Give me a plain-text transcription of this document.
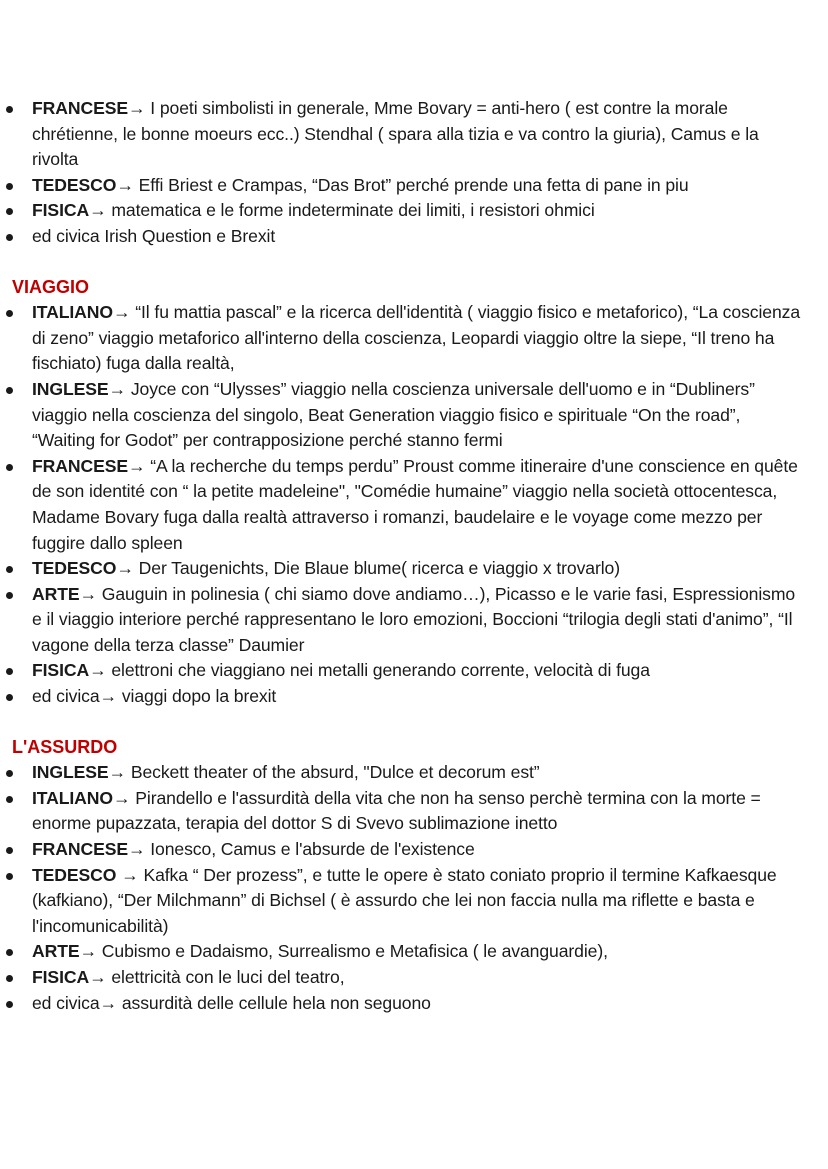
FRANCESE→ I poeti simbolisti in generale, Mme Bovary = anti-hero ( est contre la morale chrétienne, le bonne moeurs ecc..) Stendhal ( spara alla tizia e va contro la giuria), Camus e la rivolta
TEDESCO→ Effi Briest e Crampas, “Das Brot” perché prende una fetta di pane in piu
FISICA→ matematica e le forme indeterminate dei limiti, i resistori ohmici
ed civica Irish Question e Brexit
VIAGGIO
ITALIANO→ “Il fu mattia pascal” e la ricerca dell'identità ( viaggio fisico e metaforico), “La coscienza di zeno” viaggio metaforico all'interno della coscienza, Leopardi viaggio oltre la siepe, “Il treno ha fischiato) fuga dalla realtà,
INGLESE→ Joyce con “Ulysses” viaggio nella coscienza universale dell'uomo e in “Dubliners” viaggio nella coscienza del singolo, Beat Generation viaggio fisico e spirituale “On the road”, “Waiting for Godot” per contrapposizione perché stanno fermi
FRANCESE→ “A la recherche du temps perdu” Proust comme itineraire d'une conscience en quête de son identité con “ la petite madeleine", "Comédie humaine” viaggio nella società ottocentesca, Madame Bovary fuga dalla realtà attraverso i romanzi, baudelaire e le voyage come mezzo per fuggire dallo spleen
TEDESCO→ Der Taugenichts, Die Blaue blume( ricerca e viaggio x trovarlo)
ARTE→ Gauguin in polinesia ( chi siamo dove andiamo…), Picasso e le varie fasi, Espressionismo e il viaggio interiore perché rappresentano le loro emozioni, Boccioni “trilogia degli stati d'animo”, “Il vagone della terza classe” Daumier
FISICA→ elettroni che viaggiano nei metalli generando corrente, velocità di fuga
ed civica→ viaggi dopo la brexit
L'ASSURDO
INGLESE→ Beckett theater of the absurd, "Dulce et decorum est”
ITALIANO→ Pirandello e l'assurdità della vita che non ha senso perchè termina con la morte = enorme pupazzata, terapia del dottor S di Svevo sublimazione inetto
FRANCESE→ Ionesco, Camus e l'absurde de l'existence
TEDESCO → Kafka “ Der prozess”, e tutte le opere è stato coniato proprio il termine Kafkaesque (kafkiano), “Der Milchmann” di Bichsel ( è assurdo che lei non faccia nulla ma riflette e basta e l'incomunicabilità)
ARTE→ Cubismo e Dadaismo, Surrealismo e Metafisica ( le avanguardie),
FISICA→ elettricità con le luci del teatro,
ed civica→ assurdità delle cellule hela non seguono
